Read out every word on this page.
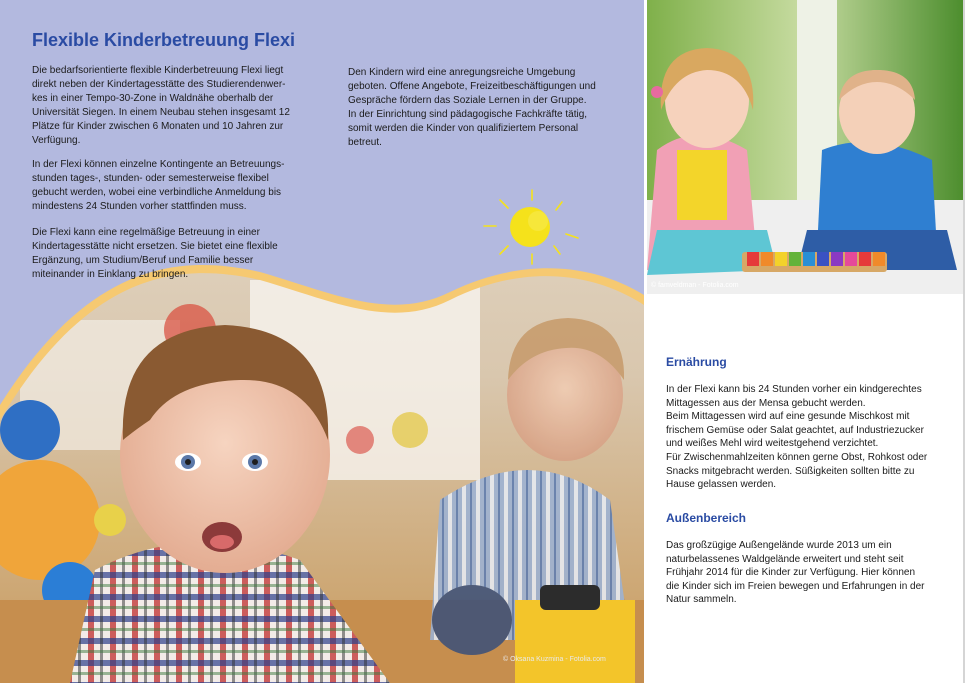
Flexible Kinderbetreuung Flexi

Die bedarfsorientierte flexible Kinderbetreuung Flexi liegt
direkt neben der Kindertagesstätte des Studierendenwer-
kes in einer Tempo-30-Zone in Waldnähe oberhalb der
Universität Siegen. In einem Neubau stehen insgesamt 12
Plätze für Kinder zwischen 6 Monaten und 10 Jahren zur
Verfügung.

In der Flexi können einzelne Kontingente an Betreuungs-
stunden tages-, stunden- oder semesterweise flexibel
gebucht werden, wobei eine verbindliche Anmeldung bis
mindestens 24 Stunden vorher stattfinden muss.

Die Flexi kann eine regelmäßige Betreuung in einer
Kindertagesstätte nicht ersetzen. Sie bietet eine flexible
Ergänzung, um Studium/Beruf und Familie besser
miteinander in Einklang zu bringen.

Den Kindern wird eine anregungsreiche Umgebung
geboten. Offene Angebote, Freizeitbeschäftigungen und
Gespräche fördern das Soziale Lernen in der Gruppe.
In der Einrichtung sind pädagogische Fachkräfte tätig,
somit werden die Kinder von qualifiziertem Personal
betreut.

© Oksana Kuzmina - Fotolia.com
© famveldman - Fotolia.com
Ernährung

In der Flexi kann bis 24 Stunden vorher ein kindgerechtes
Mittagessen aus der Mensa gebucht werden.
Beim Mittagessen wird auf eine gesunde Mischkost mit
frischem Gemüse oder Salat geachtet, auf Industriezucker
und weißes Mehl wird weitestgehend verzichtet.
Für Zwischenmahlzeiten können gerne Obst, Rohkost oder
Snacks mitgebracht werden. Süßigkeiten sollten bitte zu
Hause gelassen werden.

Außenbereich

Das großzügige Außengelände wurde 2013 um ein
naturbelassenes Waldgelände erweitert und steht seit
Frühjahr 2014 für die Kinder zur Verfügung. Hier können
die Kinder sich im Freien bewegen und Erfahrungen in der
Natur sammeln.
